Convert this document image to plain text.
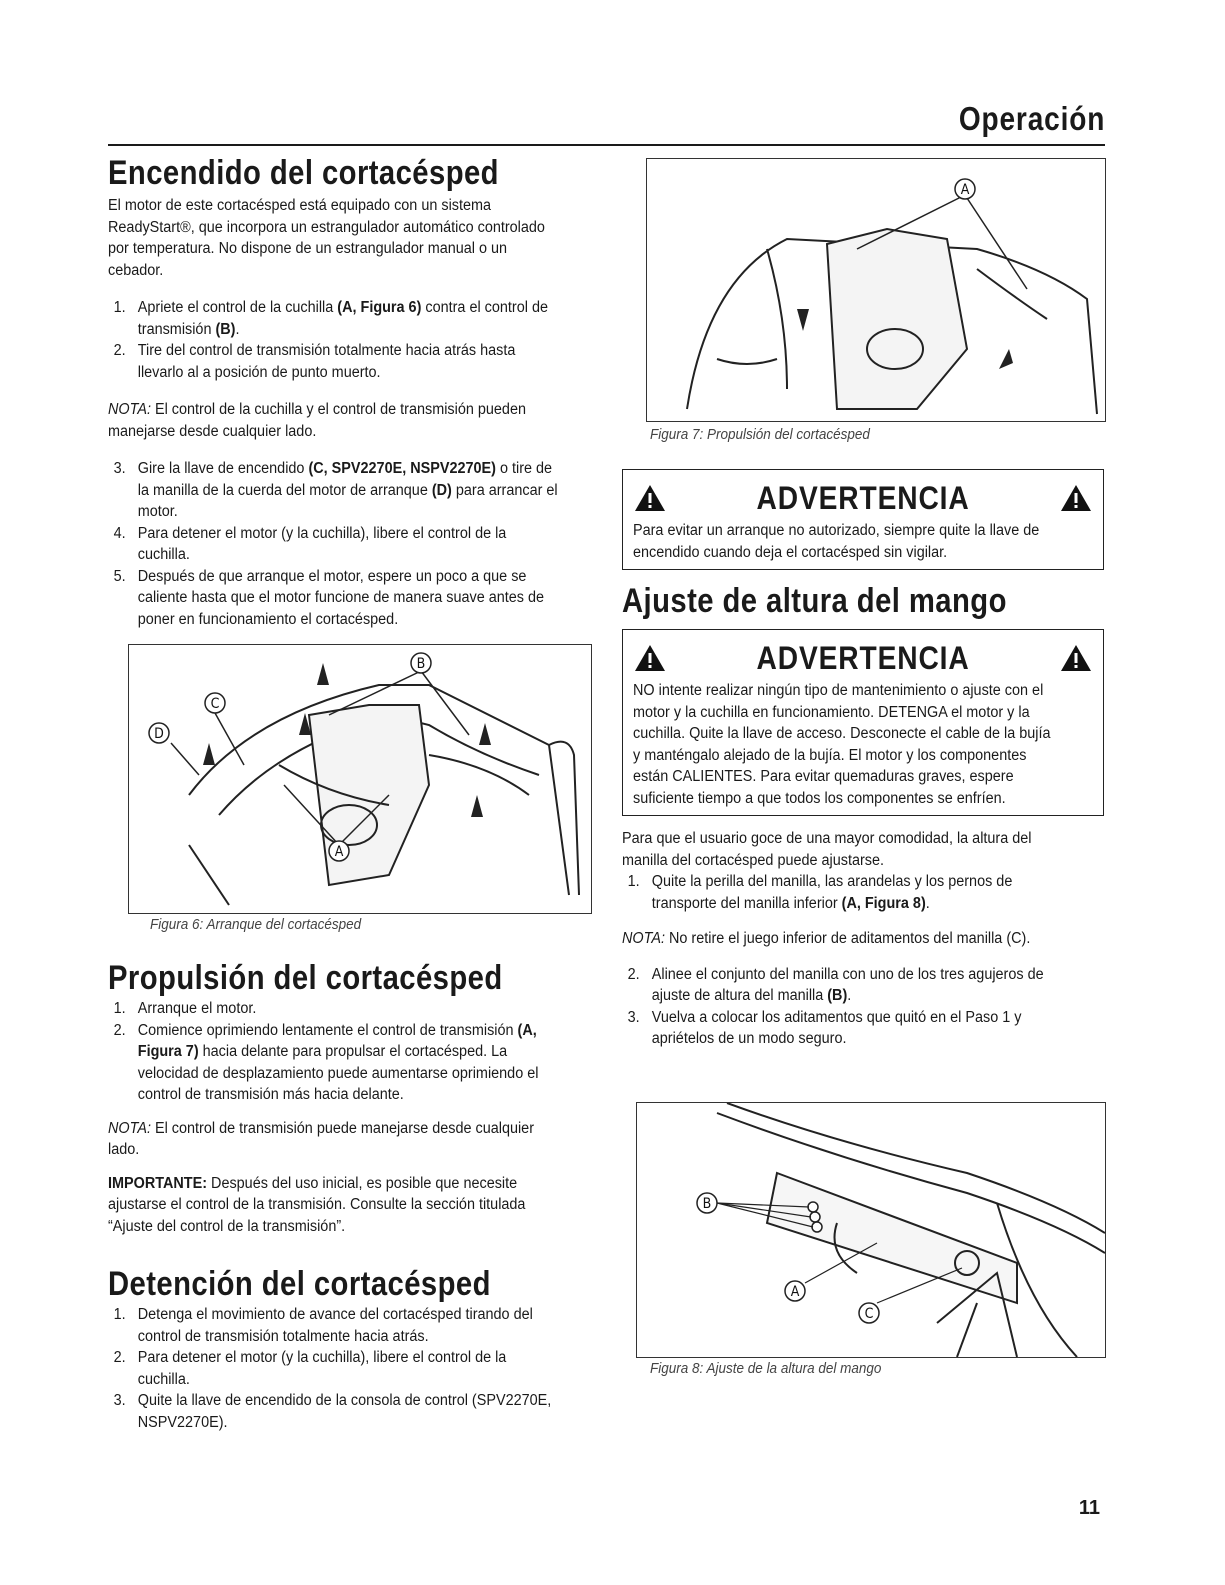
Operación
Encendido del cortacésped

El motor de este cortacésped está equipado con un sistema ReadyStart®, que incorpora un estrangulador automático controlado por temperatura. No dispone de un estrangulador manual o un cebador.

1. Apriete el control de la cuchilla (A, Figura 6) contra el control de transmisión (B).
2. Tire del control de transmisión totalmente hacia atrás hasta llevarlo al a posición de punto muerto.

NOTA: El control de la cuchilla y el control de transmisión pueden manejarse desde cualquier lado.

3. Gire la llave de encendido (C, SPV2270E, NSPV2270E) o tire de la manilla de la cuerda del motor de arranque (D) para arrancar el motor.
4. Para detener el motor (y la cuchilla), libere el control de la cuchilla.
5. Después de que arranque el motor, espere un poco a que se caliente hasta que el motor funcione de manera suave antes de poner en funcionamiento el cortacésped.
B
C
D
A
Figura 6: Arranque del cortacésped
Propulsión del cortacésped
1. Arranque el motor.
2. Comience oprimiendo lentamente el control de transmisión (A, Figura 7) hacia delante para propulsar el cortacésped. La velocidad de desplazamiento puede aumentarse oprimiendo el control de transmisión más hacia delante.

NOTA: El control de transmisión puede manejarse desde cualquier lado.

IMPORTANTE: Después del uso inicial, es posible que necesite ajustarse el control de la transmisión. Consulte la sección titulada “Ajuste del control de la transmisión”.

Detención del cortacésped
1. Detenga el movimiento de avance del cortacésped tirando del control de transmisión totalmente hacia atrás.
2. Para detener el motor (y la cuchilla), libere el control de la cuchilla.
3. Quite la llave de encendido de la consola de control (SPV2270E, NSPV2270E).
A
Figura 7: Propulsión del cortacésped
ADVERTENCIA
Para evitar un arranque no autorizado, siempre quite la llave de encendido cuando deja el cortacésped sin vigilar.
Ajuste de altura del mango
ADVERTENCIA
NO intente realizar ningún tipo de mantenimiento o ajuste con el motor y la cuchilla en funcionamiento. DETENGA el motor y la cuchilla. Quite la llave de acceso. Desconecte el cable de la bujía y manténgalo alejado de la bujía. El motor y los componentes están CALIENTES. Para evitar quemaduras graves, espere suficiente tiempo a que todos los componentes se enfríen.

Para que el usuario goce de una mayor comodidad, la altura del manilla del cortacésped puede ajustarse.

1. Quite la perilla del manilla, las arandelas y los pernos de transporte del manilla inferior (A, Figura 8).

NOTA: No retire el juego inferior de aditamentos del manilla (C).

2. Alinee el conjunto del manilla con uno de los tres agujeros de ajuste de altura del manilla (B).
3. Vuelva a colocar los aditamentos que quitó en el Paso 1 y apriételos de un modo seguro.
B
A
C
Figura 8: Ajuste de la altura del mango
11
